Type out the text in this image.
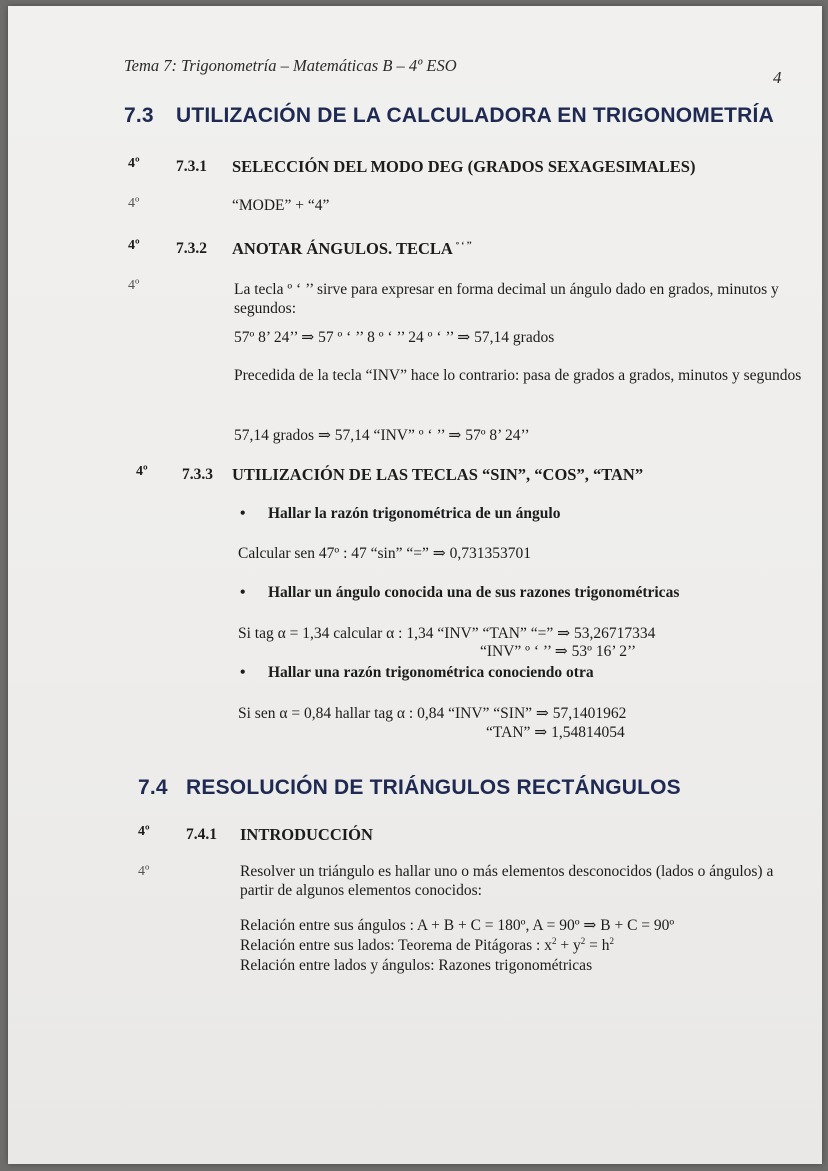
Tema 7: Trigonometría – Matemáticas B – 4º ESO
4
7.3 UTILIZACIÓN DE LA CALCULADORA EN TRIGONOMETRÍA
4º 7.3.1 SELECCIÓN DEL MODO DEG (GRADOS SEXAGESIMALES)
4º	“MODE” + “4”
4º 7.3.2 ANOTAR ÁNGULOS. TECLA $^{º ‘ ’’}$
4º	La tecla º ‘ ’’ sirve para expresar en forma decimal un ángulo dado en grados, minutos y segundos:
57º 8’ 24’’ ⇒ 57 º ‘ ’’ 8 º ‘ ’’ 24 º ‘ ’’ ⇒ 57,14 grados
Precedida de la tecla “INV” hace lo contrario: pasa de grados a grados, minutos y segundos
57,14 grados ⇒ 57,14 “INV” º ‘ ’’ ⇒ 57º 8’ 24’’
4º 7.3.3 UTILIZACIÓN DE LAS TECLAS “SIN”, “COS”, “TAN”
• Hallar la razón trigonométrica de un ángulo
Calcular sen 47º : 47 “sin” “=” ⇒ 0,731353701
• Hallar un ángulo conocida una de sus razones trigonométricas
Si tag α = 1,34 calcular α : 1,34 “INV” “TAN” “=” ⇒ 53,26717334
“INV” º ‘ ’’ ⇒ 53º 16’ 2’’
• Hallar una razón trigonométrica conociendo otra
Si sen α = 0,84 hallar tag α : 0,84 “INV” “SIN” ⇒ 57,1401962
“TAN” ⇒ 1,54814054
7.4 RESOLUCIÓN DE TRIÁNGULOS RECTÁNGULOS
4º 7.4.1 INTRODUCCIÓN
4º	Resolver un triángulo es hallar uno o más elementos desconocidos (lados o ángulos) a partir de algunos elementos conocidos:
Relación entre sus ángulos : A + B + C = 180º, A = 90º ⇒ B + C = 90º
Relación entre sus lados: Teorema de Pitágoras : $x^2 + y^2 = h^2$
Relación entre lados y ángulos: Razones trigonométricas
